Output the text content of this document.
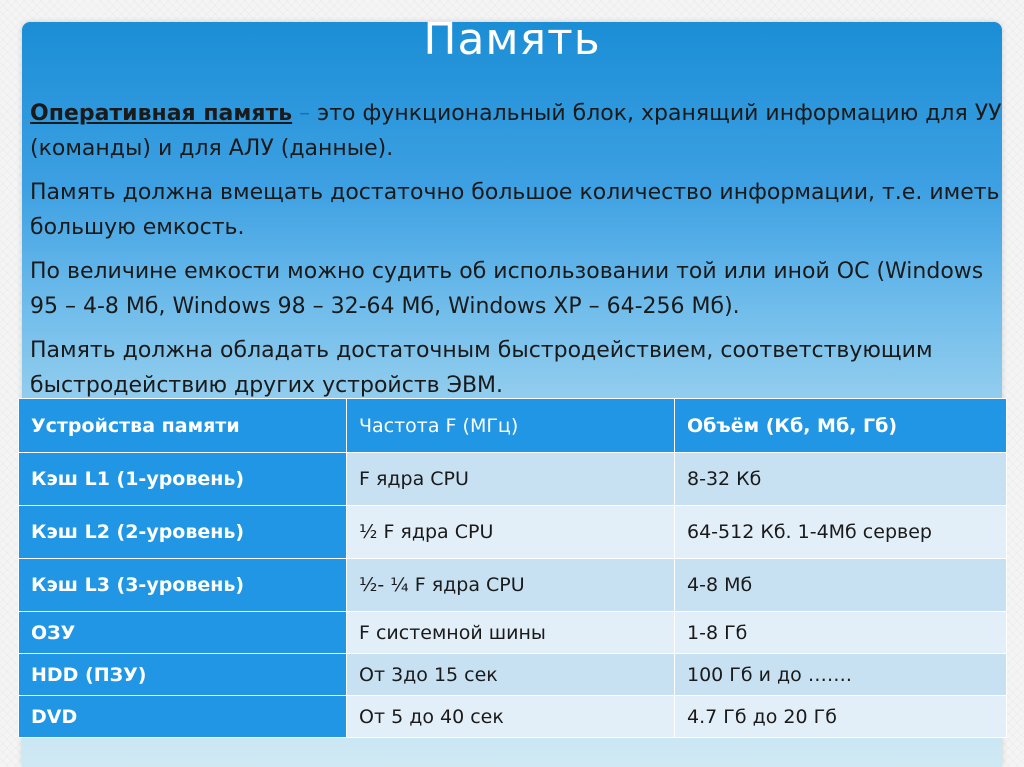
Память

Оперативная память – это функциональный блок, хранящий информацию для УУ (команды) и для АЛУ (данные).

Память должна вмещать достаточно большое количество информации, т.е. иметь большую емкость.

По величине емкости можно судить об использовании той или иной ОС (Windows 95 – 4-8 Мб, Windows 98 – 32-64 Мб, Windows XP – 64-256 Мб).

Память должна обладать достаточным быстродействием, соответствующим быстродействию других устройств ЭВМ.

Устройства памяти	Частота F (МГц)	Объём (Кб, Мб, Гб)
Кэш L1 (1-уровень)	F ядра CPU	8-32 Кб
Кэш L2 (2-уровень)	½ F ядра CPU	64-512 Кб. 1-4Мб сервер
Кэш L3 (3-уровень)	½- ¼ F ядра CPU	4-8 Мб
ОЗУ	F системной шины	1-8 Гб
HDD (ПЗУ)	От 3до 15 сек	100 Гб и до …….
DVD	От 5 до 40 сек	4.7 Гб до 20 Гб
